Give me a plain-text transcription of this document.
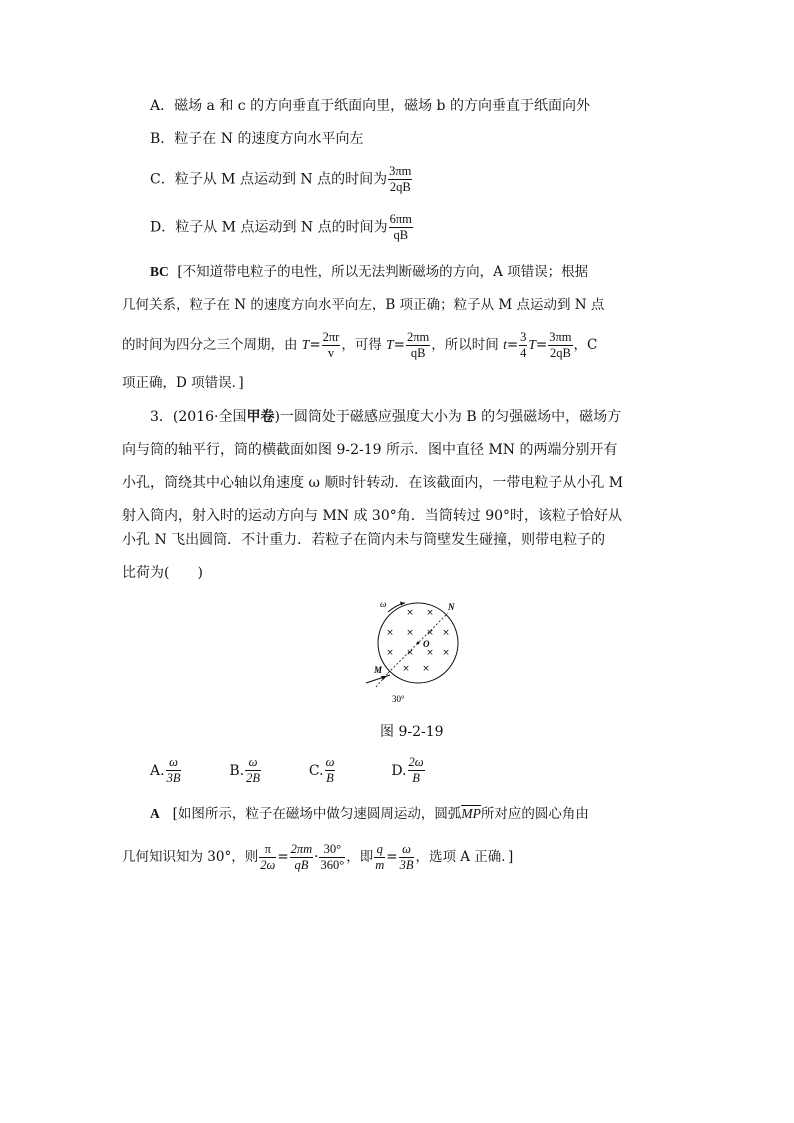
A．磁场 a 和 c 的方向垂直于纸面向里，磁场 b 的方向垂直于纸面向外
B．粒子在 N 的速度方向水平向左
C．粒子从 M 点运动到 N 点的时间为 $\frac{3\pi m}{2qB}$
D．粒子从 M 点运动到 N 点的时间为 $\frac{6\pi m}{qB}$
BC [不知道带电粒子的电性，所以无法判断磁场的方向，A 项错误；根据
几何关系，粒子在 N 的速度方向水平向左，B 项正确；粒子从 M 点运动到 N 点
的时间为四分之三个周期，由 $T= \frac{2\pi r}{v}$ ，可得 $T= \frac{2\pi m}{qB}$ ，所以时间 $t= \frac{3}{4} T= \frac{3\pi m}{2qB}$ ，C
项正确，D 项错误．]
3．(2016·全国甲卷)一圆筒处于磁感应强度大小为 B 的匀强磁场中，磁场方
向与筒的轴平行，筒的横截面如图 9-2-19 所示．图中直径 MN 的两端分别开有
小孔，筒绕其中心轴以角速度 ω 顺时针转动．在该截面内，一带电粒子从小孔 M
射入筒内，射入时的运动方向与 MN 成 30°角．当筒转过 90°时，该粒子恰好从
小孔 N 飞出圆筒．不计重力．若粒子在筒内未与筒壁发生碰撞，则带电粒子的
比荷为(　　)
× ×
× × × ×
× × × ×
× ×
ω	N
O
M
30°
图 9-2-19
A. $\frac{\omega}{3B}$	B. $\frac{\omega}{2B}$	C. $\frac{\omega}{B}$	D. $\frac{2\omega}{B}$
A [如图所示，粒子在磁场中做匀速圆周运动，圆弧MP所对应的圆心角由
几何知识知为 30°，则 $\frac{\pi}{2\omega} = \frac{2\pi m}{qB} \cdot \frac{30^\circ}{360^\circ}$ ，即 $\frac{q}{m} = \frac{\omega}{3B}$ ，选项 A 正确．]
